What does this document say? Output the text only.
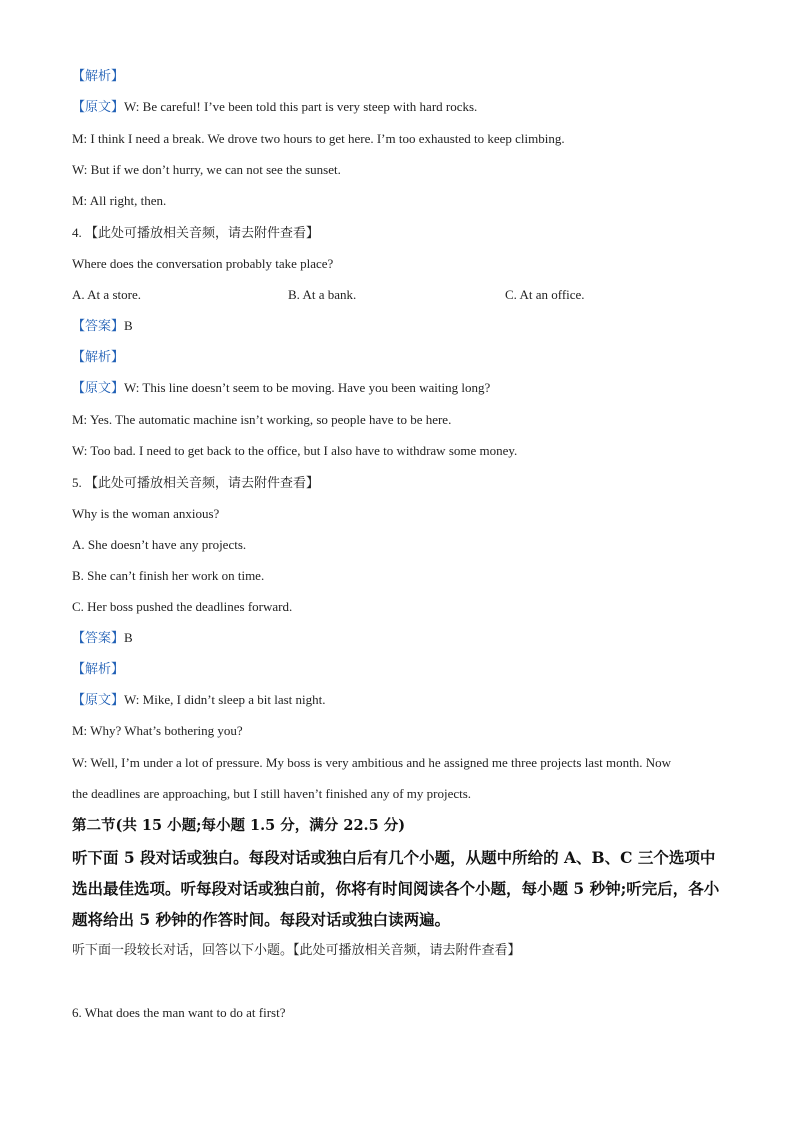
【解析】
【原文】W: Be careful! I’ve been told this part is very steep with hard rocks.
M: I think I need a break. We drove two hours to get here. I’m too exhausted to keep climbing.
W: But if we don’t hurry, we can not see the sunset.
M: All right, then.
4. 【此处可播放相关音频，请去附件查看】
Where does the conversation probably take place?
A. At a store.	B. At a bank.	C. At an office.
【答案】B
【解析】
【原文】W: This line doesn’t seem to be moving. Have you been waiting long?
M: Yes. The automatic machine isn’t working, so people have to be here.
W: Too bad. I need to get back to the office, but I also have to withdraw some money.
5. 【此处可播放相关音频，请去附件查看】
Why is the woman anxious?
A. She doesn’t have any projects.
B. She can’t finish her work on time.
C. Her boss pushed the deadlines forward.
【答案】B
【解析】
【原文】W: Mike, I didn’t sleep a bit last night.
M: Why? What’s bothering you?
W: Well, I’m under a lot of pressure. My boss is very ambitious and he assigned me three projects last month. Now
the deadlines are approaching, but I still haven’t finished any of my projects.
第二节(共 15 小题;每小题 1.5 分，满分 22.5 分)
听下面 5 段对话或独白。每段对话或独白后有几个小题，从题中所给的 A、B、C 三个选项中选出最佳选项。听每段对话或独白前，你将有时间阅读各个小题，每小题 5 秒钟;听完后，各小题将给出 5 秒钟的作答时间。每段对话或独白读两遍。
听下面一段较长对话，回答以下小题。【此处可播放相关音频，请去附件查看】
6. What does the man want to do at first?
